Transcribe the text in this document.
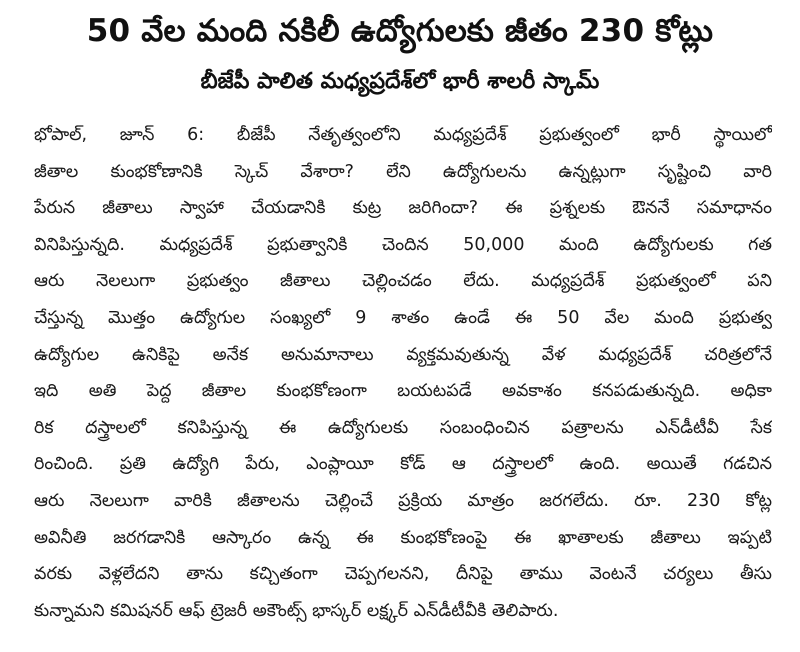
50 వేల మంది నకిలీ ఉద్యోగులకు జీతం 230 కోట్లు
బీజేపీ పాలిత మధ్యప్రదేశ్‌లో భారీ శాలరీ స్కామ్
భోపాల్, జూన్ 6: బీజేపీ నేతృత్వంలోని మధ్యప్రదేశ్ ప్రభుత్వంలో భారీ స్థాయిలో
జీతాల కుంభకోణానికి స్కెచ్ వేశారా? లేని ఉద్యోగులను ఉన్నట్లుగా సృష్టించి వారి
పేరున జీతాలు స్వాహా చేయడానికి కుట్ర జరిగిందా? ఈ ప్రశ్నలకు ఔననే సమాధానం
వినిపిస్తున్నది. మధ్యప్రదేశ్ ప్రభుత్వానికి చెందిన 50,000 మంది ఉద్యోగులకు గత
ఆరు నెలలుగా ప్రభుత్వం జీతాలు చెల్లించడం లేదు. మధ్యప్రదేశ్ ప్రభుత్వంలో పని
చేస్తున్న మొత్తం ఉద్యోగుల సంఖ్యలో 9 శాతం ఉండే ఈ 50 వేల మంది ప్రభుత్వ
ఉద్యోగుల ఉనికిపై అనేక అనుమానాలు వ్యక్తమవుతున్న వేళ మధ్యప్రదేశ్ చరిత్రలోనే
ఇది అతి పెద్ద జీతాల కుంభకోణంగా బయటపడే అవకాశం కనపడుతున్నది. అధికా
రిక దస్త్రాలలో కనిపిస్తున్న ఈ ఉద్యోగులకు సంబంధించిన పత్రాలను ఎన్‌డీటీవీ సేక
రించింది. ప్రతి ఉద్యోగి పేరు, ఎంప్లాయీ కోడ్ ఆ దస్త్రాలలో ఉంది. అయితే గడచిన
ఆరు నెలలుగా వారికి జీతాలను చెల్లించే ప్రక్రియ మాత్రం జరగలేదు. రూ. 230 కోట్ల
అవినీతి జరగడానికి ఆస్కారం ఉన్న ఈ కుంభకోణంపై ఈ ఖాతాలకు జీతాలు ఇప్పటి
వరకు వెళ్లలేదని తాను కచ్చితంగా చెప్పగలనని, దీనిపై తాము వెంటనే చర్యలు తీసు
కున్నామని కమిషనర్ ఆఫ్ ట్రెజరీ అకౌంట్స్ భాస్కర్ లక్ష్కర్ ఎన్‌డీటీవీకి తెలిపారు.
